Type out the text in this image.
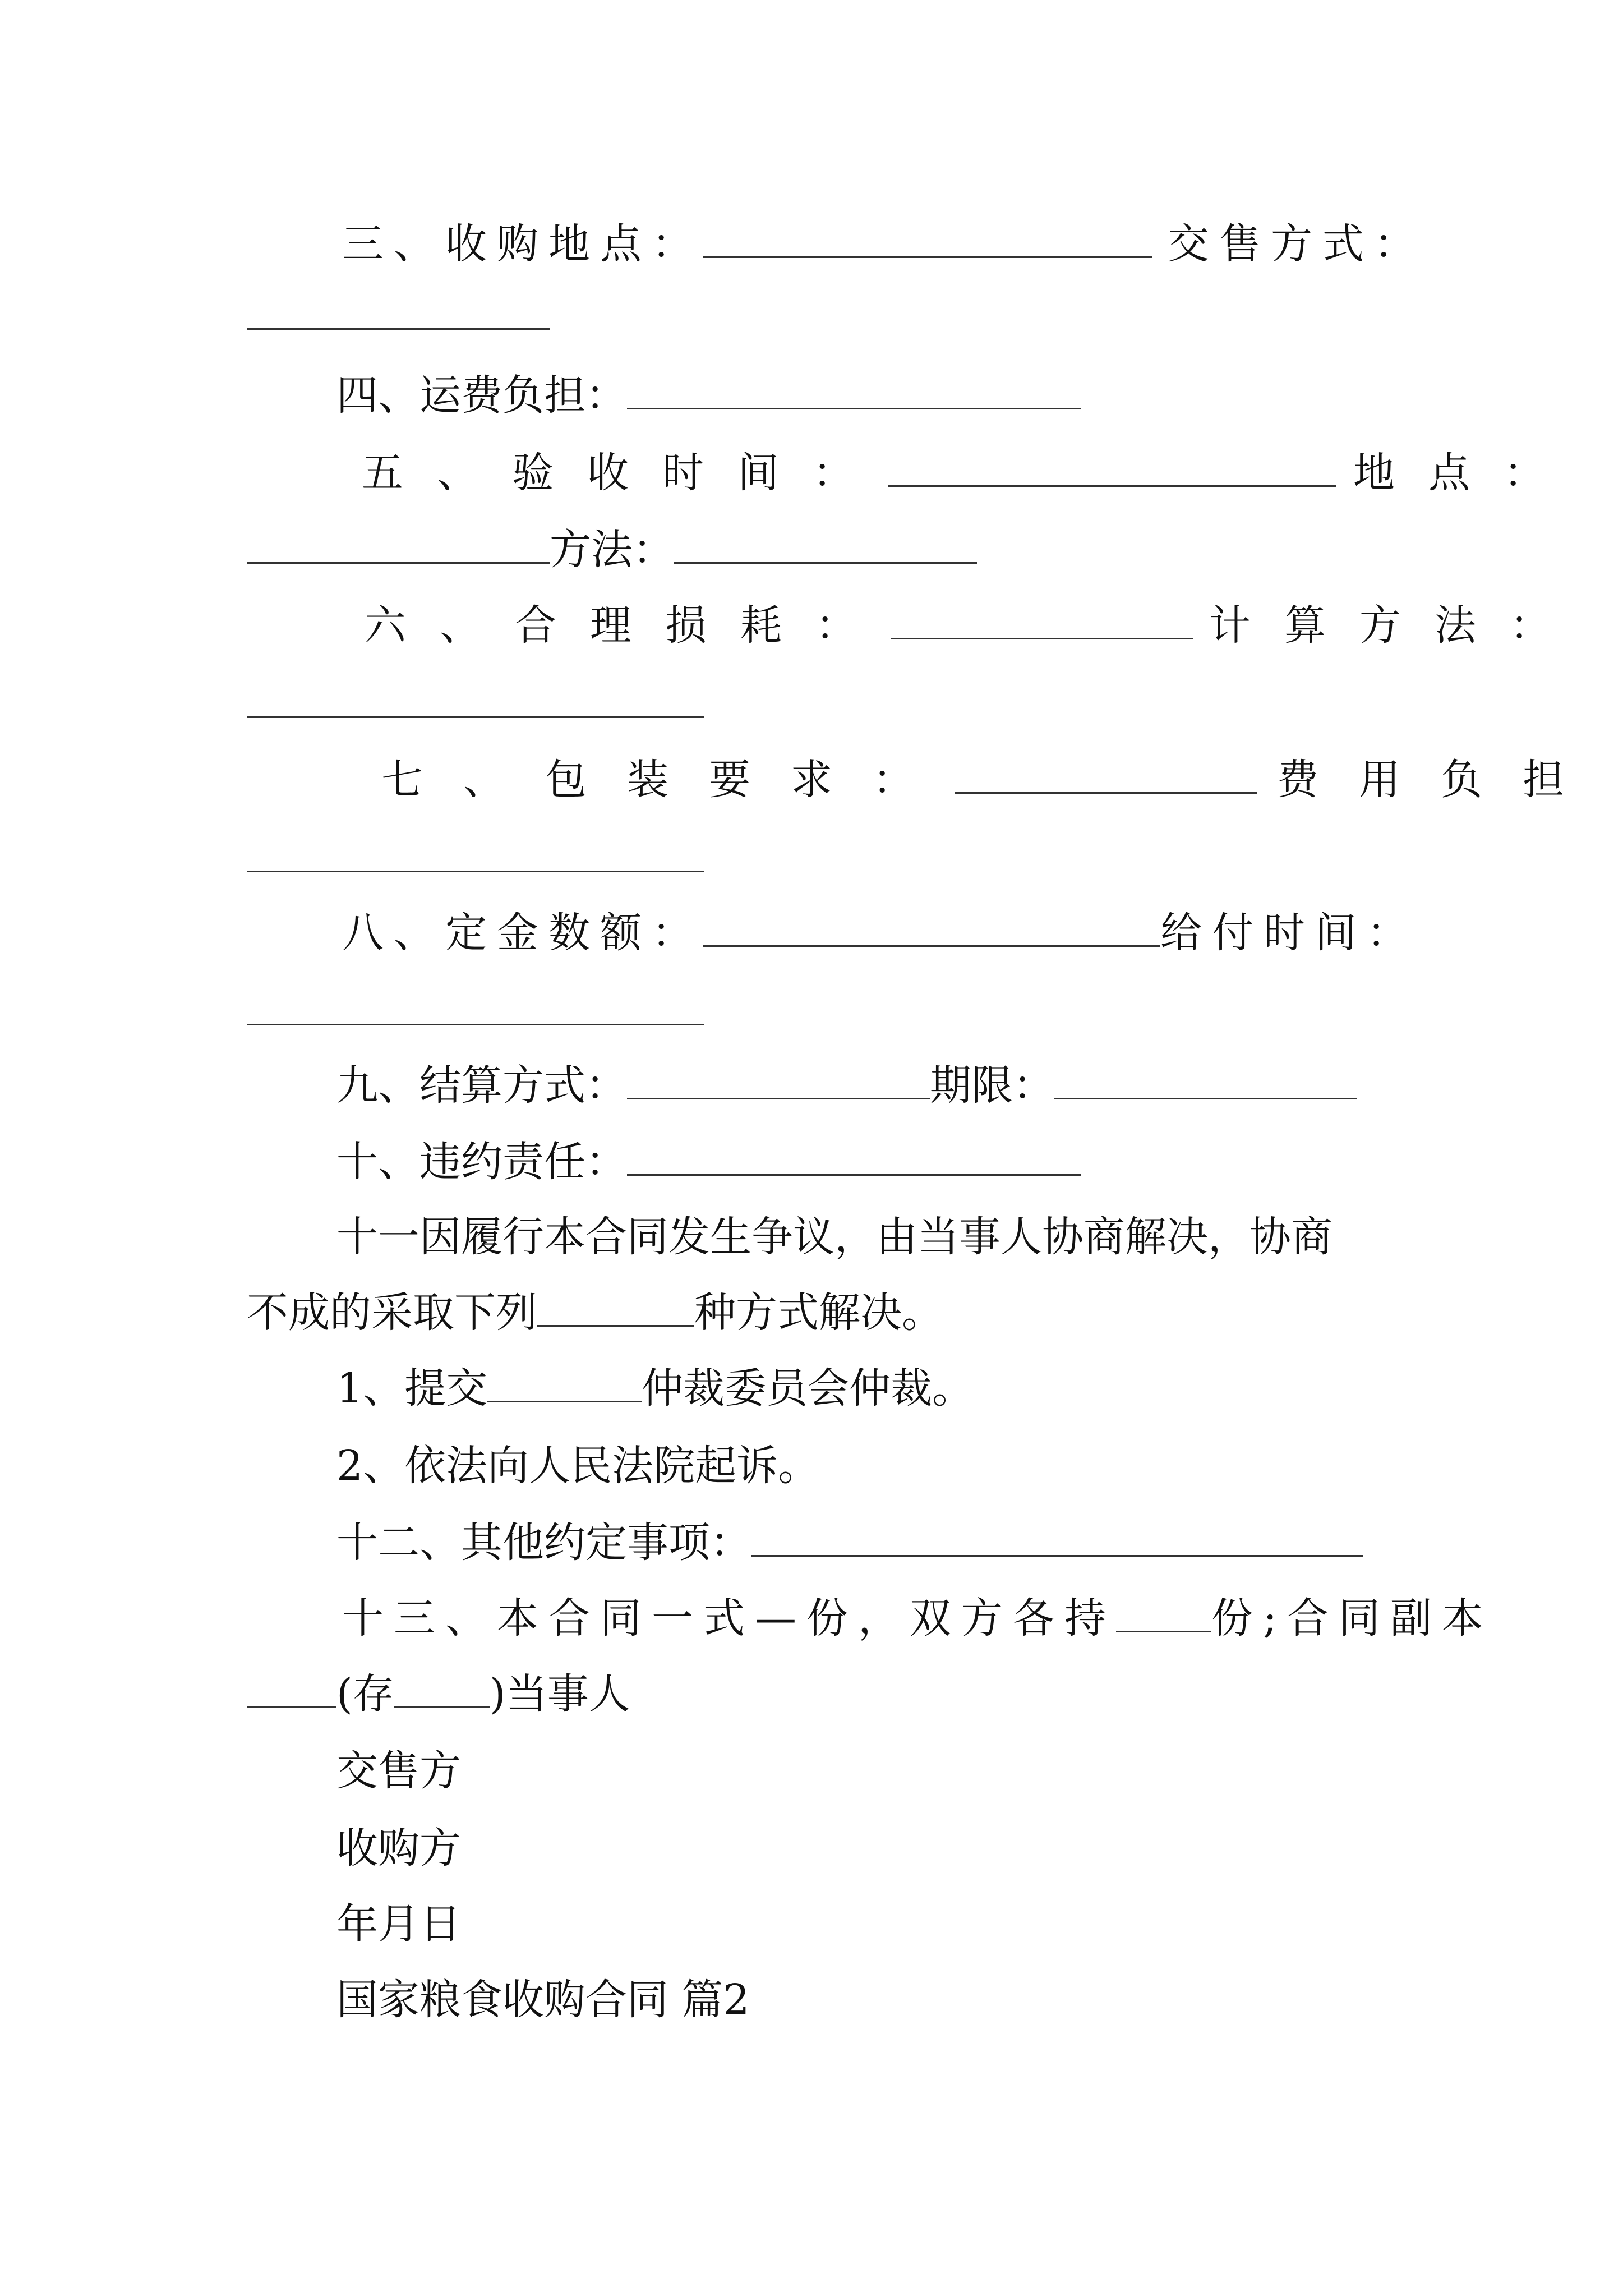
三、收购地点：	交售方式：
四、运费负担：
五、验收时间：	地点：
方法：
六、合理损耗：	计算方法：
七、包装要求：	费用负担
八、定金数额：	给付时间：
九、结算方式：	期限：
十、违约责任：
十一因履行本合同发生争议，由当事人协商解决，协商
不成的采取下列	种方式解决。
1、提交	仲裁委员会仲裁。
2、依法向人民法院起诉。
十二、其他约定事项：
十三、本合同一式—份，双方各持 份;合同副本
(存 )当事人
交售方
收购方
年月日
国家粮食收购合同 篇2
